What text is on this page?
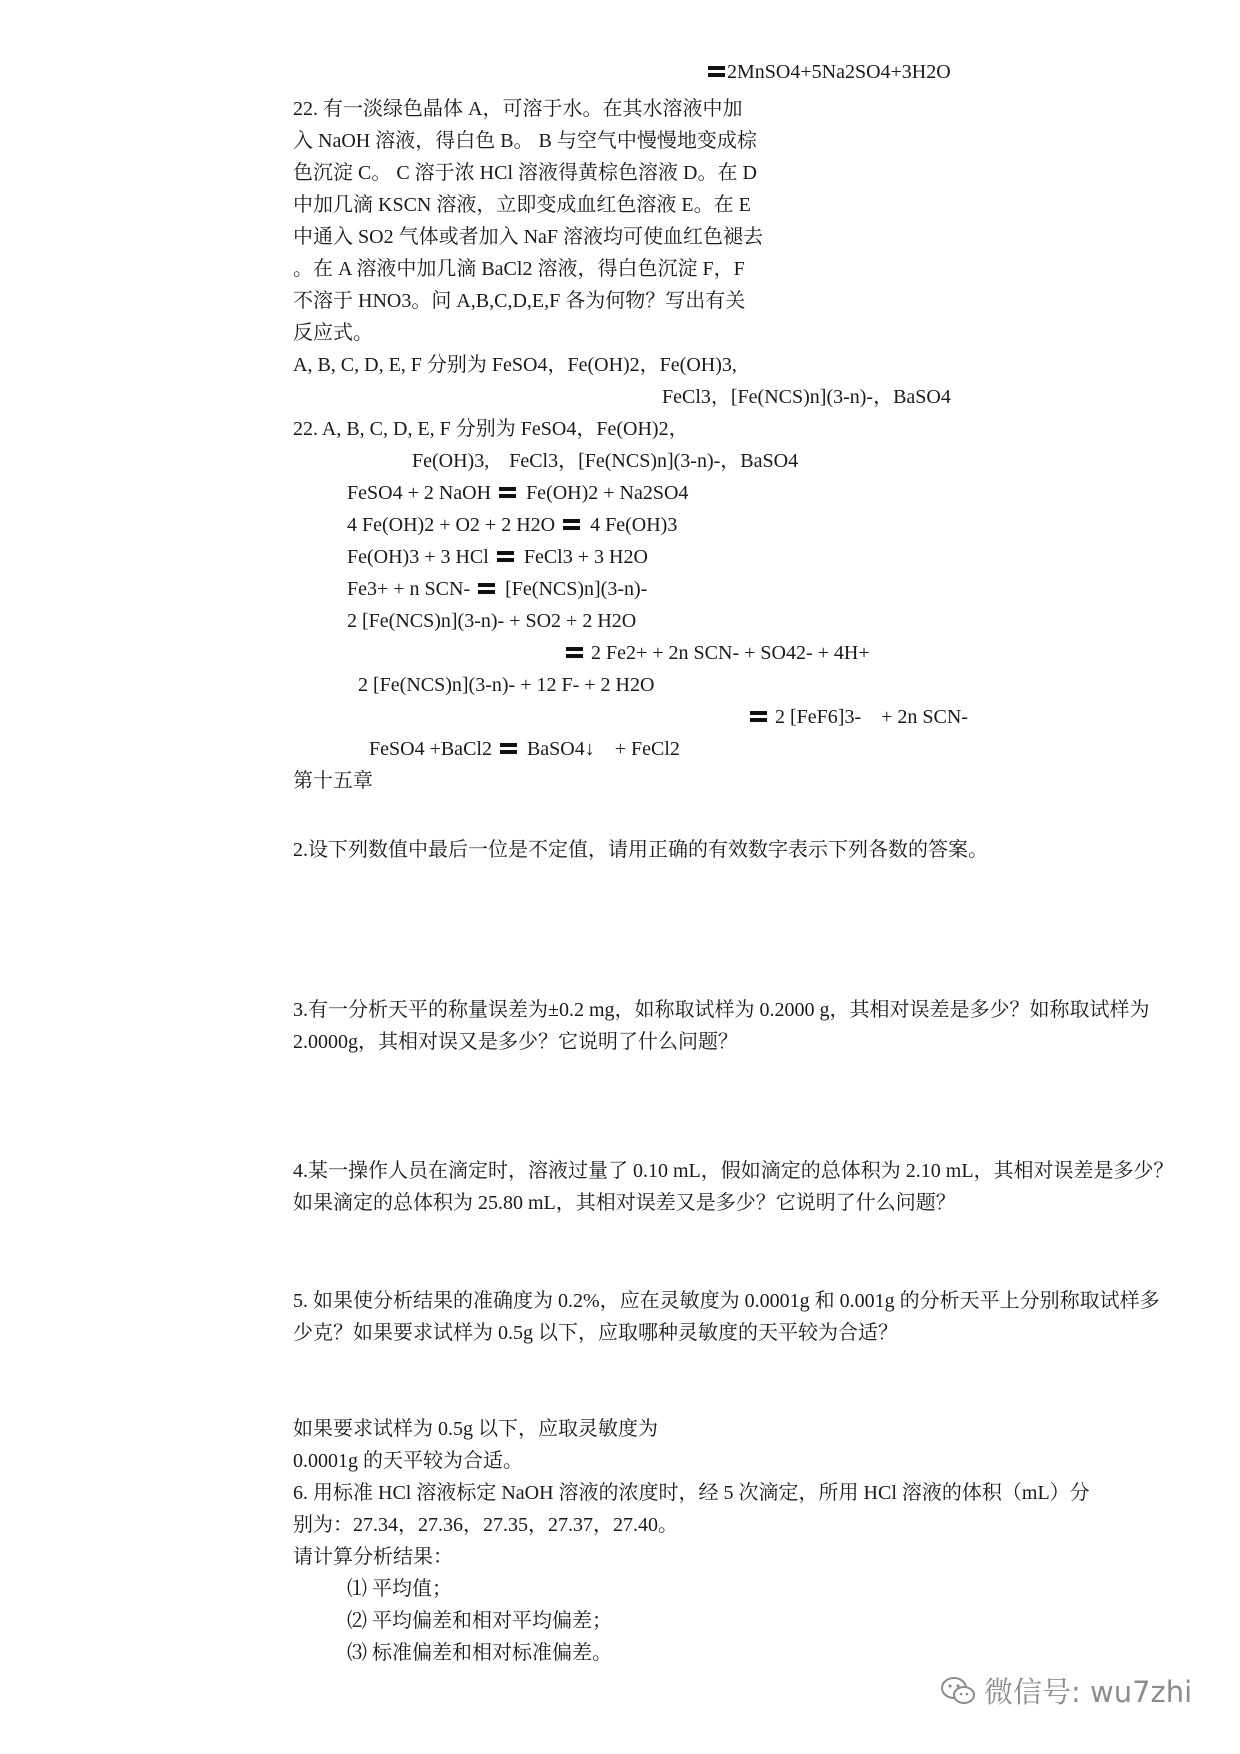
2MnSO4+5Na2SO4+3H2O
22. 有一淡绿色晶体 A，可溶于水。在其水溶液中加
入 NaOH 溶液，得白色 B。 B 与空气中慢慢地变成棕
色沉淀 C。 C 溶于浓 HCl 溶液得黄棕色溶液 D。在 D
中加几滴 KSCN 溶液，立即变成血红色溶液 E。在 E
中通入 SO2 气体或者加入 NaF 溶液均可使血红色褪去
。在 A 溶液中加几滴 BaCl2 溶液，得白色沉淀 F，F
不溶于 HNO3。问 A,B,C,D,E,F 各为何物？写出有关
反应式。
A, B, C, D, E, F 分别为 FeSO4，Fe(OH)2，Fe(OH)3,
FeCl3，[Fe(NCS)n](3-n)-，BaSO4
22. A, B, C, D, E, F 分别为 FeSO4，Fe(OH)2，
Fe(OH)3,　FeCl3，[Fe(NCS)n](3-n)-，BaSO4
FeSO4 + 2 NaOH Fe(OH)2 + Na2SO4
4 Fe(OH)2 + O2 + 2 H2O 4 Fe(OH)3
Fe(OH)3 + 3 HCl FeCl3 + 3 H2O
Fe3+ + n SCN- [Fe(NCS)n](3-n)-
2 [Fe(NCS)n](3-n)- + SO2 + 2 H2O
2 Fe2+ + 2n SCN- + SO42- + 4H+
2 [Fe(NCS)n](3-n)- + 12 F- + 2 H2O
2 [FeF6]3-　+ 2n SCN-
FeSO4 +BaCl2 BaSO4↓　+ FeCl2
第十五章
2.设下列数值中最后一位是不定值，请用正确的有效数字表示下列各数的答案。
3.有一分析天平的称量误差为±0.2 mg，如称取试样为 0.2000 g，其相对误差是多少？如称取试样为
2.0000g，其相对误又是多少？它说明了什么问题？
4.某一操作人员在滴定时，溶液过量了 0.10 mL，假如滴定的总体积为 2.10 mL，其相对误差是多少？
如果滴定的总体积为 25.80 mL，其相对误差又是多少？它说明了什么问题？
5. 如果使分析结果的准确度为 0.2%，应在灵敏度为 0.0001g 和 0.001g 的分析天平上分别称取试样多
少克？如果要求试样为 0.5g 以下，应取哪种灵敏度的天平较为合适？
如果要求试样为 0.5g 以下，应取灵敏度为
0.0001g 的天平较为合适。
6. 用标准 HCl 溶液标定 NaOH 溶液的浓度时，经 5 次滴定，所用 HCl 溶液的体积（mL）分
别为：27.34，27.36，27.35，27.37，27.40。
请计算分析结果：
⑴ 平均值；
⑵ 平均偏差和相对平均偏差；
⑶ 标准偏差和相对标准偏差。
微信号: wu7zhi
